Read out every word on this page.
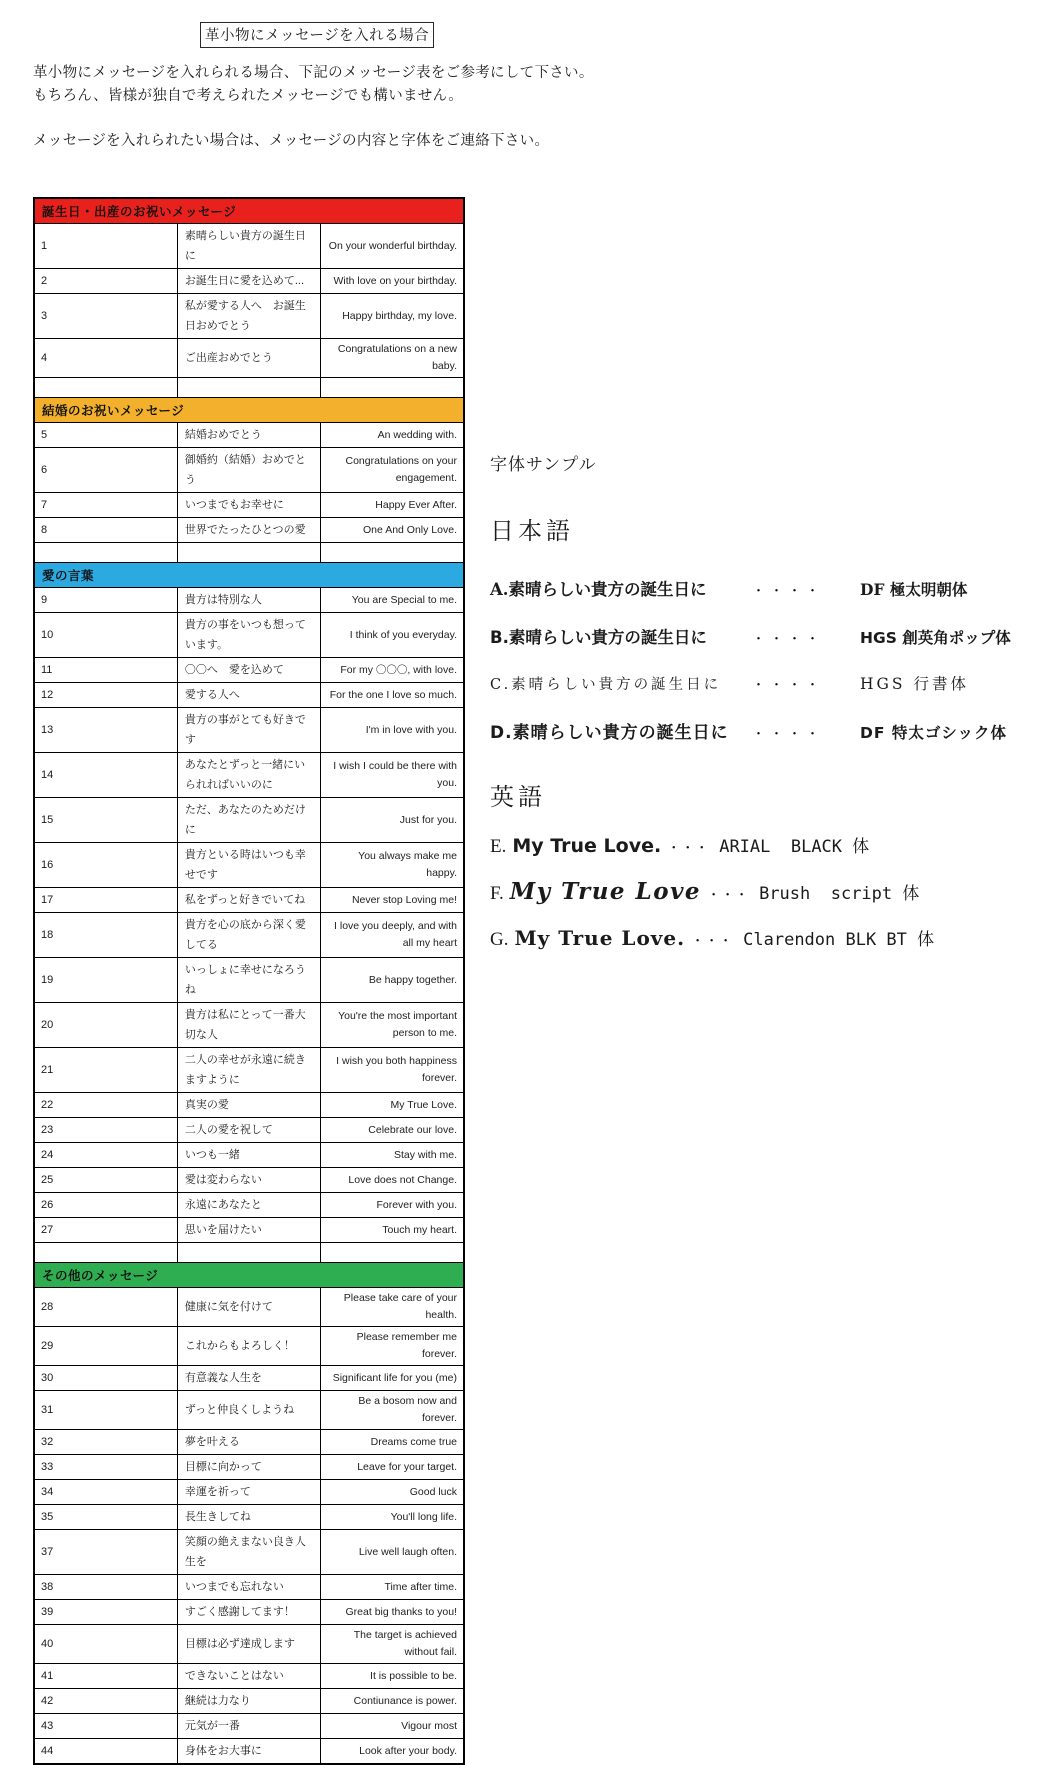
革小物にメッセージを入れる場合
革小物にメッセージを入れられる場合、下記のメッセージ表をご参考にして下さい。
もちろん、皆様が独自で考えられたメッセージでも構いません。
メッセージを入れられたい場合は、メッセージの内容と字体をご連絡下さい。
誕生日・出産のお祝いメッセージ		
1	素晴らしい貴方の誕生日に	On your wonderful birthday.
2	お誕生日に愛を込めて...	With love on your birthday.
3	私が愛する人へ　お誕生日おめでとう	Happy birthday, my love.
4	ご出産おめでとう	Congratulations on a new baby.

結婚のお祝いメッセージ		
5	結婚おめでとう	An wedding with.
6	御婚約（結婚）おめでとう	Congratulations on your engagement.
7	いつまでもお幸せに	Happy Ever After.
8	世界でたったひとつの愛	One And Only Love.

愛の言葉		
9	貴方は特別な人	You are Special to me.
10	貴方の事をいつも想っています。	I think of you everyday.
11	〇〇へ　愛を込めて	For my 〇〇〇, with love.
12	愛する人へ	For the one I love so much.
13	貴方の事がとても好きです	I'm in love with you.
14	あなたとずっと一緒にいられればいいのに	I wish I could be there with you.
15	ただ、あなたのためだけに	Just for you.
16	貴方といる時はいつも幸せです	You always make me happy.
17	私をずっと好きでいてね	Never stop Loving me!
18	貴方を心の底から深く愛してる	I love you deeply, and with all my heart
19	いっしょに幸せになろうね	Be happy together.
20	貴方は私にとって一番大切な人	You're the most important person to me.
21	二人の幸せが永遠に続きますように	I wish you both happiness forever.
22	真実の愛	My True Love.
23	二人の愛を祝して	Celebrate our love.
24	いつも一緒	Stay with me.
25	愛は変わらない	Love does not Change.
26	永遠にあなたと	Forever with you.
27	思いを届けたい	Touch my heart.

その他のメッセージ		
28	健康に気を付けて	Please take care of your health.
29	これからもよろしく！	Please remember me forever.
30	有意義な人生を	Significant life for you (me)
31	ずっと仲良くしようね	Be a bosom now and forever.
32	夢を叶える	Dreams come true
33	目標に向かって	Leave for your target.
34	幸運を祈って	Good luck
35	長生きしてね	You'll long life.
37	笑顔の絶えまない良き人生を	Live well laugh often.
38	いつまでも忘れない	Time after time.
39	すごく感謝してます！	Great big thanks to you!
40	目標は必ず達成します	The target is achieved without fail.
41	できないことはない	It is possible to be.
42	継続は力なり	Contiunance is power.
43	元気が一番	Vigour most
44	身体をお大事に	Look after your body.
字体サンプル
日本語
A.素晴らしい貴方の誕生日に	・・・・	DF 極太明朝体
B.素晴らしい貴方の誕生日に	・・・・	HGS 創英角ポップ体
C.素晴らしい貴方の誕生日に	・・・・	HGS 行書体
D.素晴らしい貴方の誕生日に	・・・・	DF 特太ゴシック体
英語
E. My True Love. ・・・ ARIAL  BLACK 体
F. My True Love ・・・ Brush  script 体
G. My True Love. ・・・ Clarendon BLK BT 体
